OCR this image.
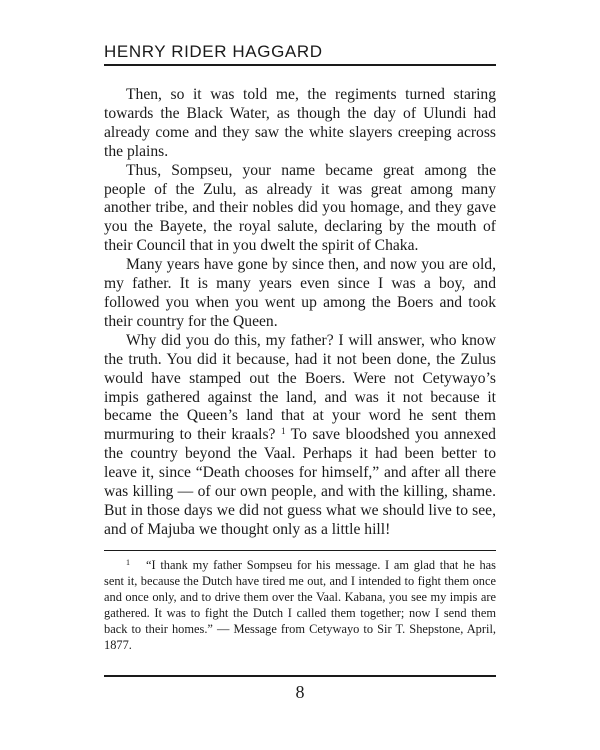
HENRY RIDER HAGGARD

Then, so it was told me, the regiments turned staring towards the Black Water, as though the day of Ulundi had already come and they saw the white slayers creeping across the plains.

Thus, Sompseu, your name became great among the people of the Zulu, as already it was great among many another tribe, and their nobles did you homage, and they gave you the Bayete, the royal salute, declaring by the mouth of their Council that in you dwelt the spirit of Chaka.

Many years have gone by since then, and now you are old, my father. It is many years even since I was a boy, and followed you when you went up among the Boers and took their country for the Queen.

Why did you do this, my father? I will answer, who know the truth. You did it because, had it not been done, the Zulus would have stamped out the Boers. Were not Cetywayo’s impis gathered against the land, and was it not because it became the Queen’s land that at your word he sent them murmuring to their kraals? $^1$ To save bloodshed you annexed the country beyond the Vaal. Perhaps it had been better to leave it, since “Death chooses for himself,” and after all there was killing — of our own people, and with the killing, shame. But in those days we did not guess what we should live to see, and of Majuba we thought only as a little hill!

1 “I thank my father Sompseu for his message. I am glad that he has sent it, because the Dutch have tired me out, and I intended to fight them once and once only, and to drive them over the Vaal. Kabana, you see my impis are gathered. It was to fight the Dutch I called them together; now I send them back to their homes.” — Message from Cetywayo to Sir T. Shepstone, April, 1877.

8
